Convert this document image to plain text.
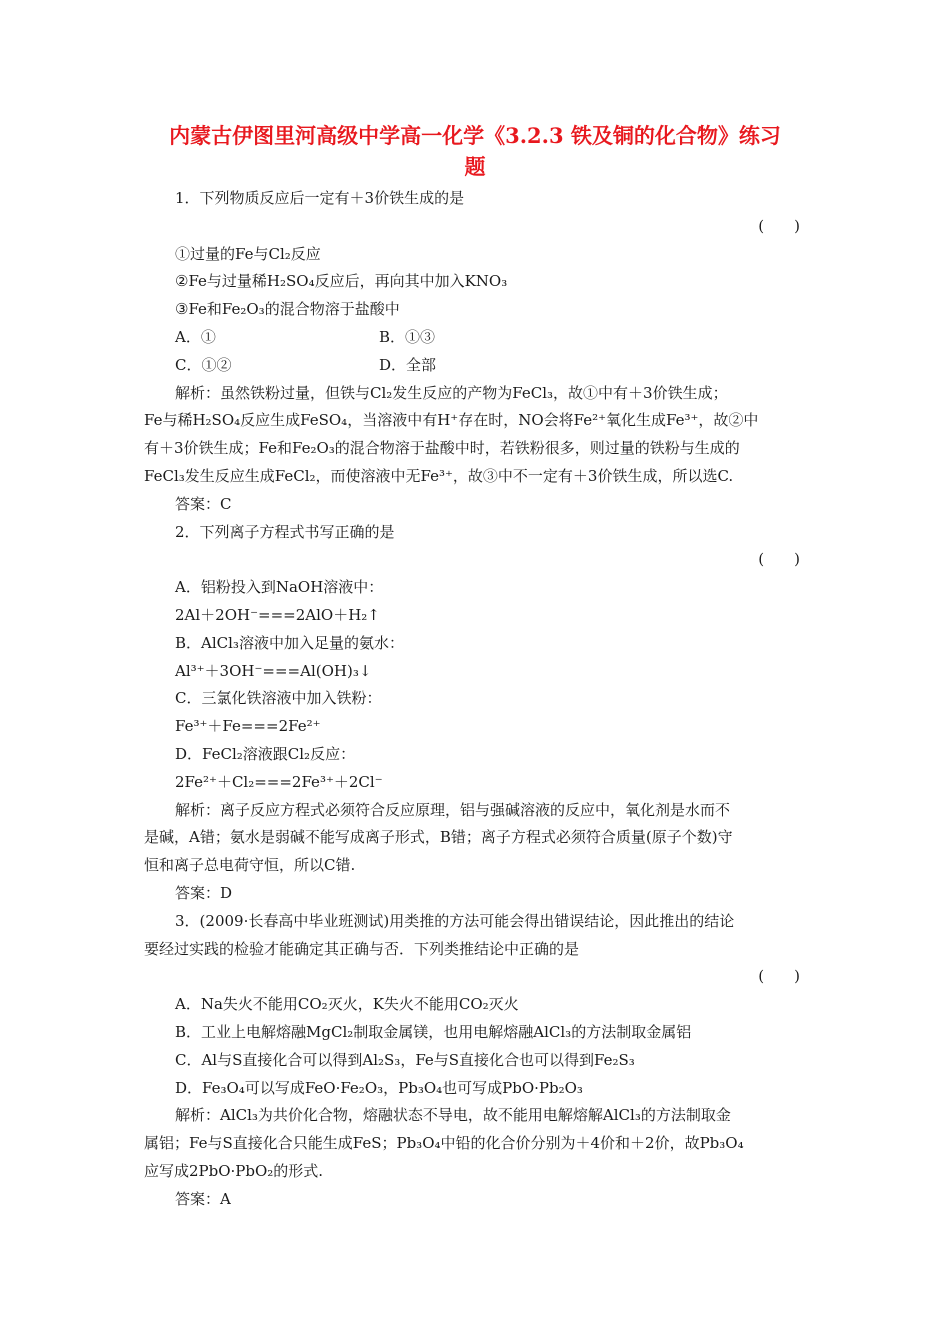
内蒙古伊图里河高级中学高一化学《3.2.3 铁及铜的化合物》练习
题
1．下列物质反应后一定有＋3价铁生成的是
(　　)
①过量的Fe与Cl₂反应
②Fe与过量稀H₂SO₄反应后，再向其中加入KNO₃
③Fe和Fe₂O₃的混合物溶于盐酸中
A．①	B．①③
C．①②	D．全部
解析：虽然铁粉过量，但铁与Cl₂发生反应的产物为FeCl₃，故①中有＋3价铁生成；
Fe与稀H₂SO₄反应生成FeSO₄，当溶液中有H⁺存在时，NO会将Fe²⁺氧化生成Fe³⁺，故②中
有＋3价铁生成；Fe和Fe₂O₃的混合物溶于盐酸中时，若铁粉很多，则过量的铁粉与生成的
FeCl₃发生反应生成FeCl₂，而使溶液中无Fe³⁺，故③中不一定有＋3价铁生成，所以选C.
答案：C
2．下列离子方程式书写正确的是
(　　)
A．铝粉投入到NaOH溶液中：
2Al＋2OH⁻===2AlO＋H₂↑
B．AlCl₃溶液中加入足量的氨水：
Al³⁺＋3OH⁻===Al(OH)₃↓
C．三氯化铁溶液中加入铁粉：
Fe³⁺＋Fe===2Fe²⁺
D．FeCl₂溶液跟Cl₂反应：
2Fe²⁺＋Cl₂===2Fe³⁺＋2Cl⁻
解析：离子反应方程式必须符合反应原理，铝与强碱溶液的反应中，氧化剂是水而不
是碱，A错；氨水是弱碱不能写成离子形式，B错；离子方程式必须符合质量(原子个数)守
恒和离子总电荷守恒，所以C错.
答案：D
3．(2009·长春高中毕业班测试)用类推的方法可能会得出错误结论，因此推出的结论
要经过实践的检验才能确定其正确与否．下列类推结论中正确的是
(　　)
A．Na失火不能用CO₂灭火，K失火不能用CO₂灭火
B．工业上电解熔融MgCl₂制取金属镁，也用电解熔融AlCl₃的方法制取金属铝
C．Al与S直接化合可以得到Al₂S₃，Fe与S直接化合也可以得到Fe₂S₃
D．Fe₃O₄可以写成FeO·Fe₂O₃，Pb₃O₄也可写成PbO·Pb₂O₃
解析：AlCl₃为共价化合物，熔融状态不导电，故不能用电解熔解AlCl₃的方法制取金
属铝；Fe与S直接化合只能生成FeS；Pb₃O₄中铅的化合价分别为＋4价和＋2价，故Pb₃O₄
应写成2PbO·PbO₂的形式.
答案：A
